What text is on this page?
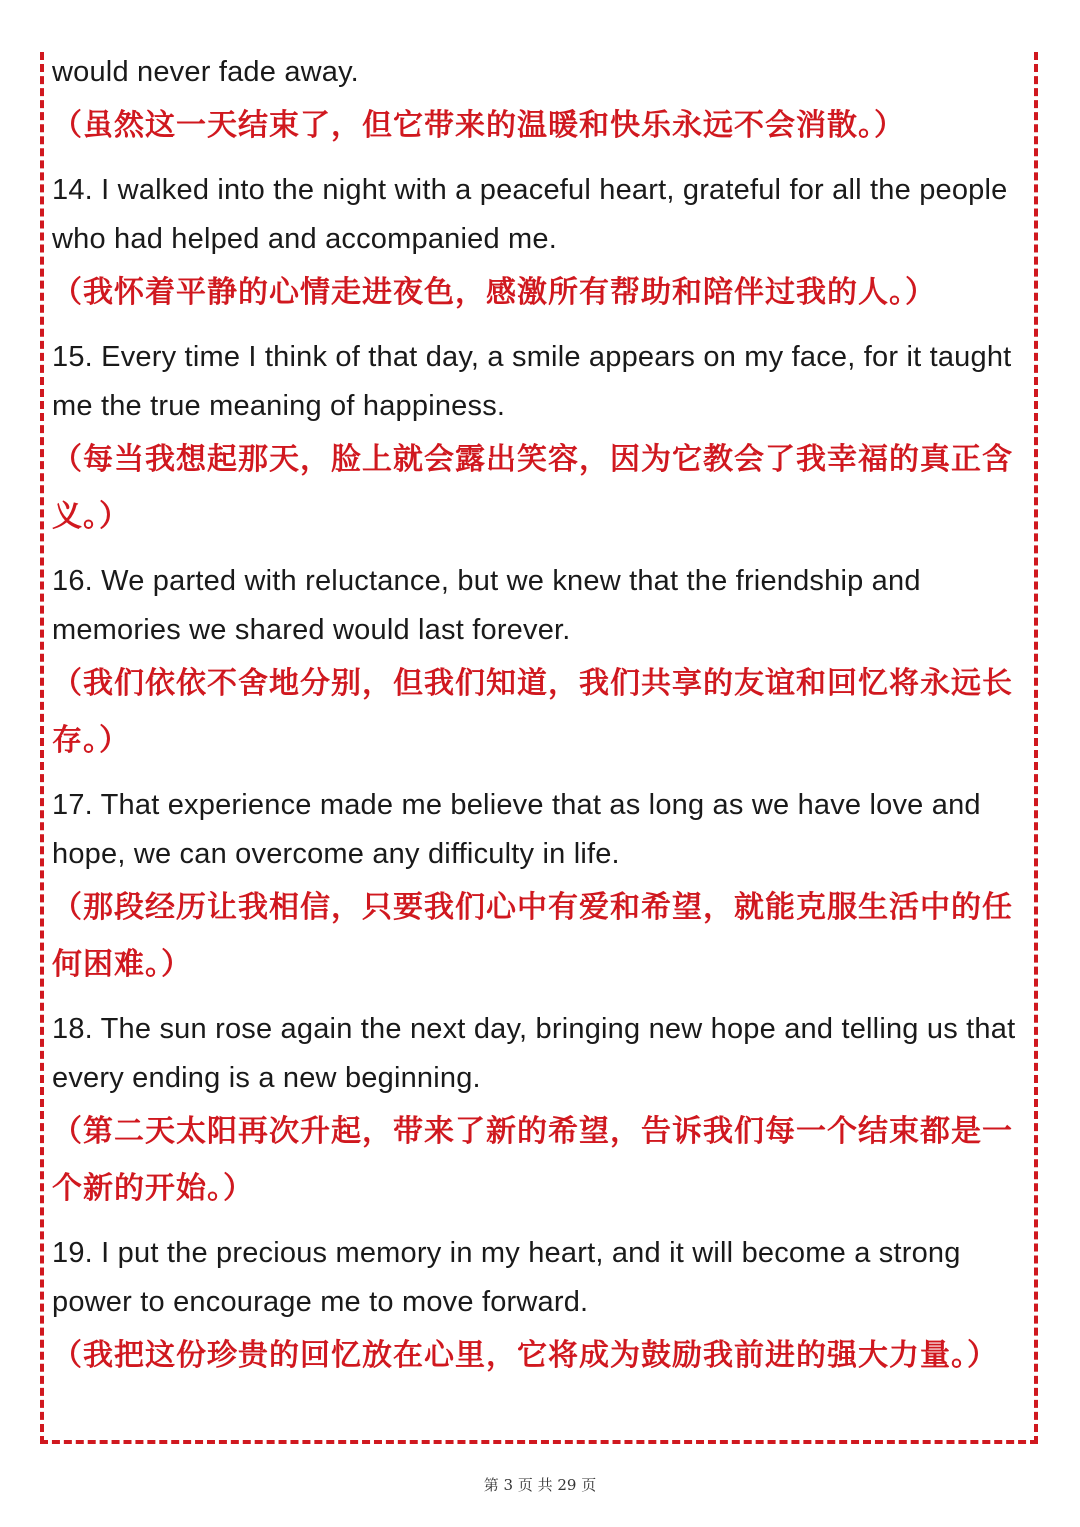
would never fade away.

（虽然这一天结束了，但它带来的温暖和快乐永远不会消散。）

14. I walked into the night with a peaceful heart, grateful for all the people who had helped and accompanied me.

（我怀着平静的心情走进夜色，感激所有帮助和陪伴过我的人。）

15. Every time I think of that day, a smile appears on my face, for it taught me the true meaning of happiness.

（每当我想起那天，脸上就会露出笑容，因为它教会了我幸福的真正含义。）

16. We parted with reluctance, but we knew that the friendship and memories we shared would last forever.

（我们依依不舍地分别，但我们知道，我们共享的友谊和回忆将永远长存。）

17. That experience made me believe that as long as we have love and hope, we can overcome any difficulty in life.

（那段经历让我相信，只要我们心中有爱和希望，就能克服生活中的任何困难。）

18. The sun rose again the next day, bringing new hope and telling us that every ending is a new beginning.

（第二天太阳再次升起，带来了新的希望，告诉我们每一个结束都是一个新的开始。）

19. I put the precious memory in my heart, and it will become a strong power to encourage me to move forward.

（我把这份珍贵的回忆放在心里，它将成为鼓励我前进的强大力量。）

第 3 页 共 29 页
